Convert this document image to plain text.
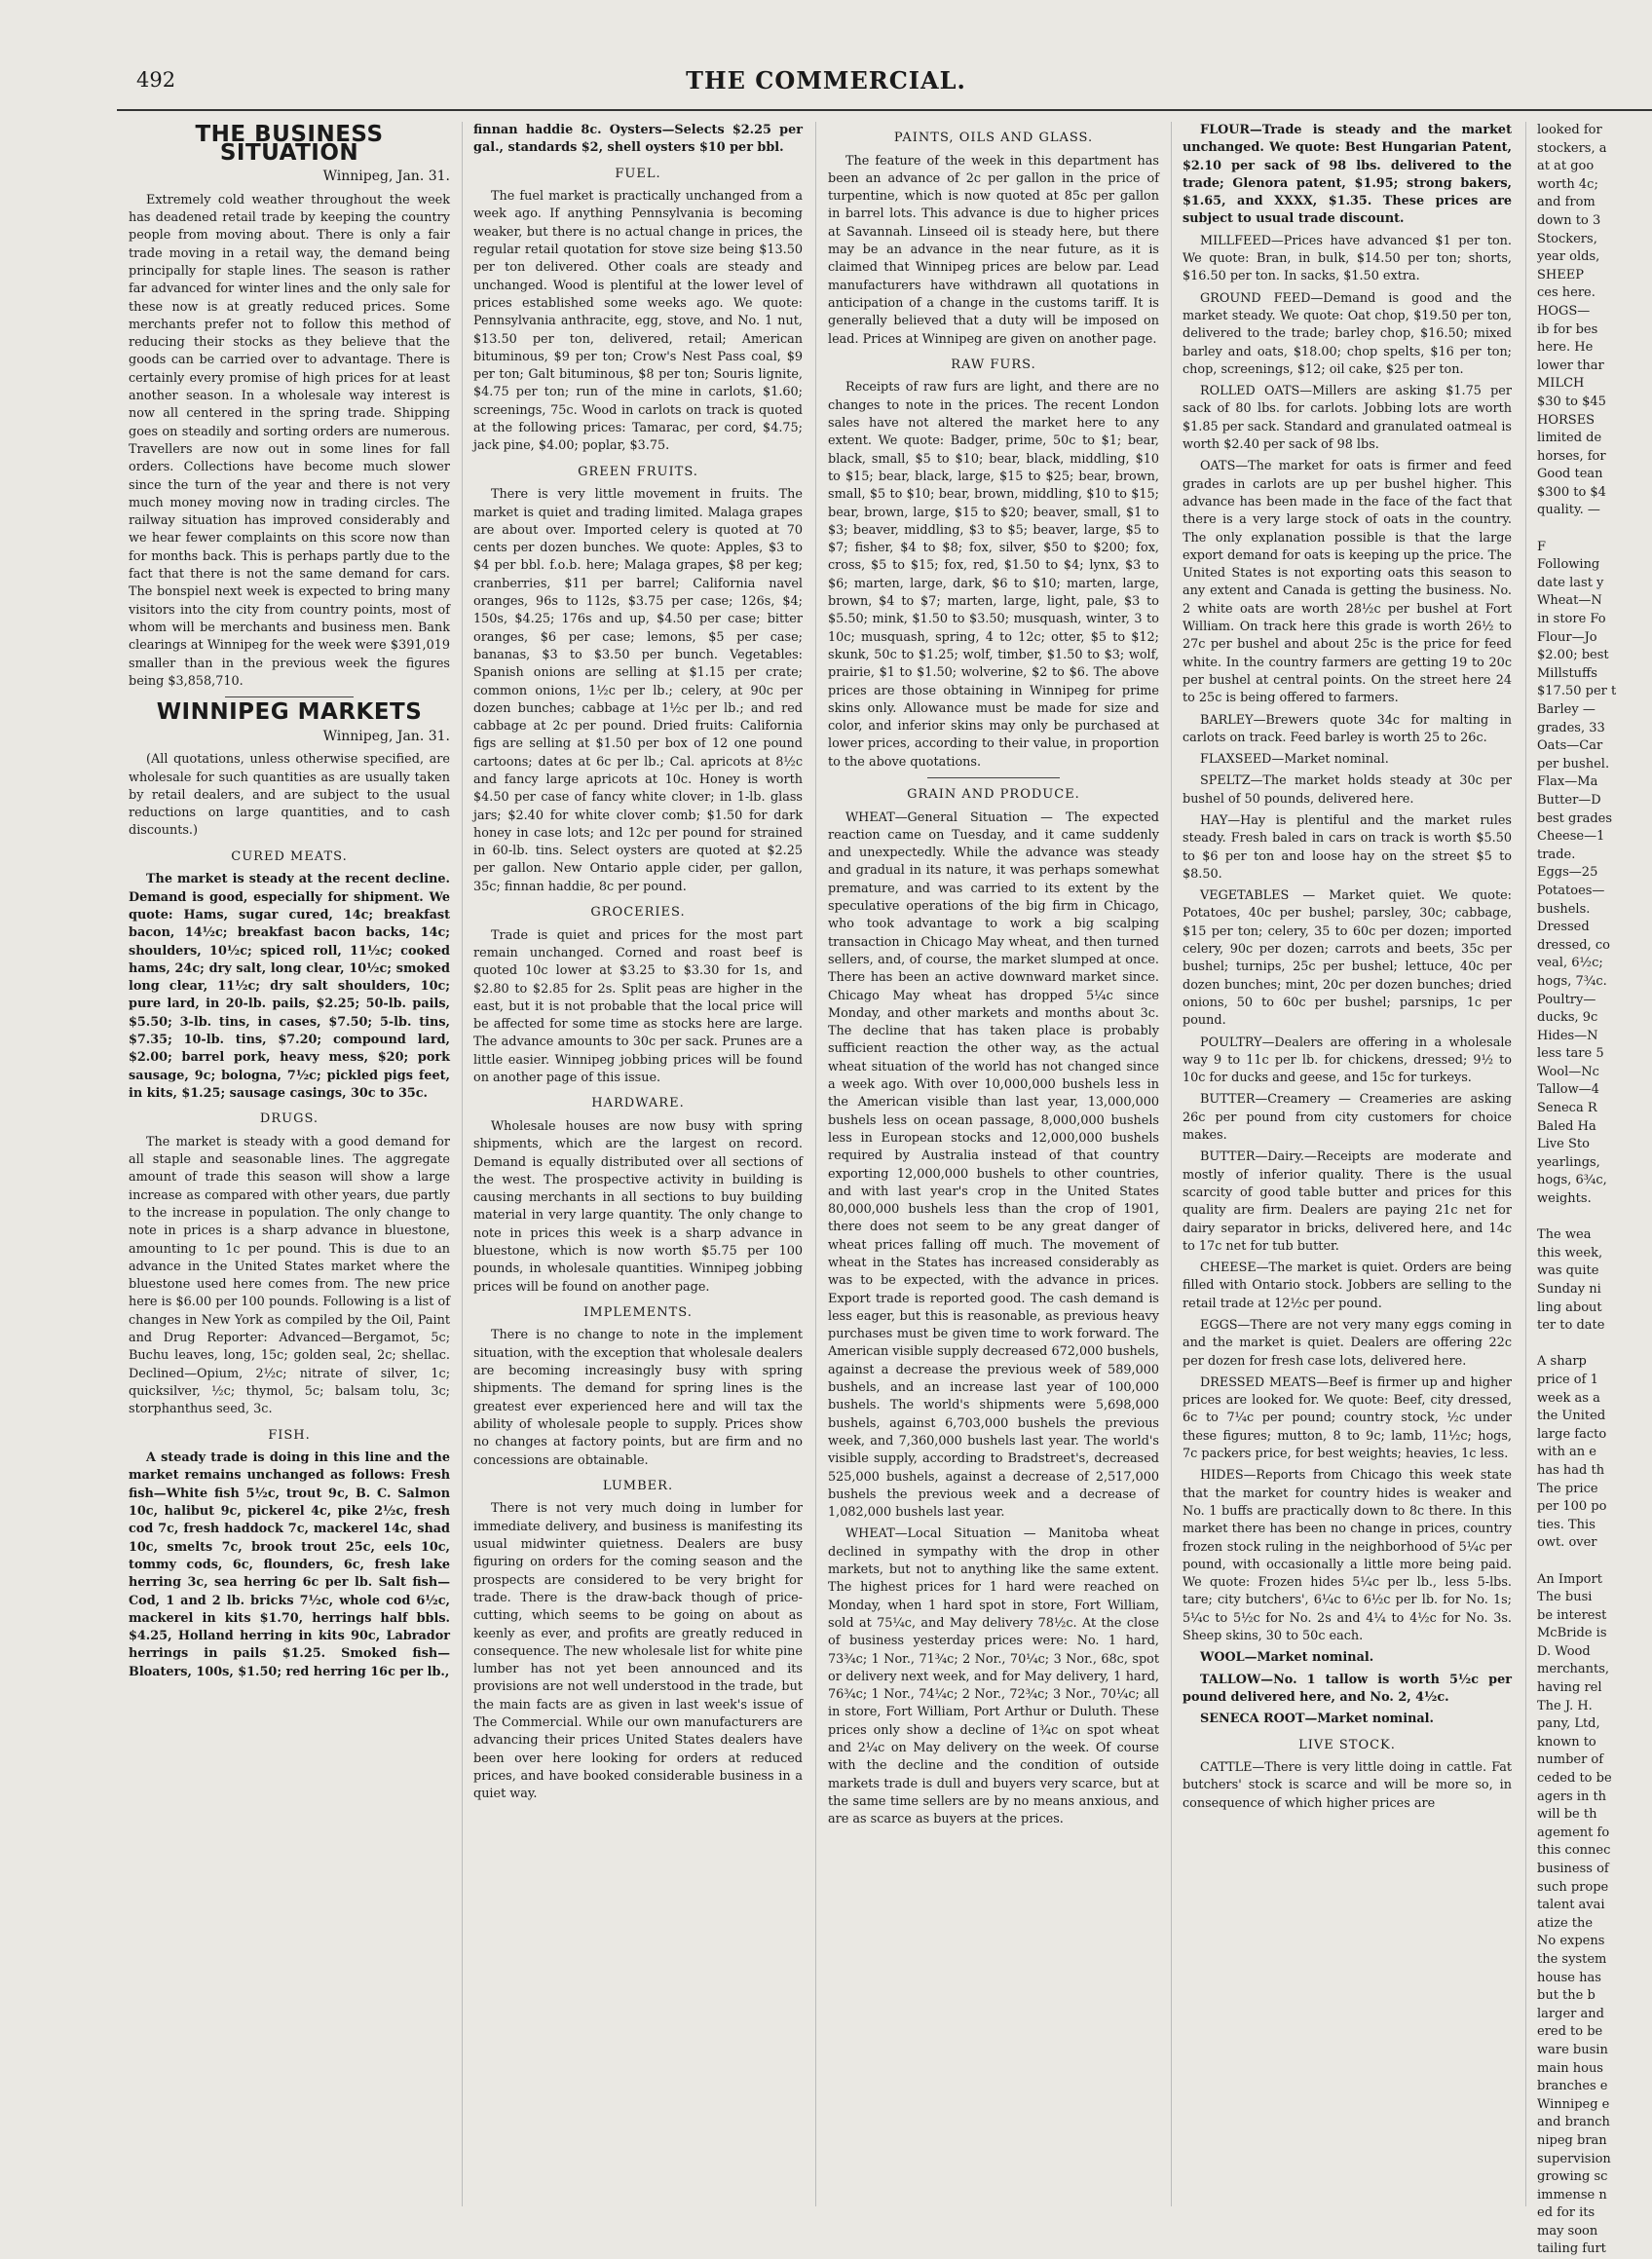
492	THE COMMERCIAL.
THE BUSINESS SITUATION
Winnipeg, Jan. 31.

Extremely cold weather throughout the week has deadened retail trade by keeping the country people from moving about. There is only a fair trade moving in a retail way, the demand being principally for staple lines. The season is rather far advanced for winter lines and the only sale for these now is at greatly reduced prices. Some merchants prefer not to follow this method of reducing their stocks as they believe that the goods can be carried over to advantage. There is certainly every promise of high prices for at least another season. In a wholesale way interest is now all centered in the spring trade. Shipping goes on steadily and sorting orders are numerous. Travellers are now out in some lines for fall orders. Collections have become much slower since the turn of the year and there is not very much money moving now in trading circles. The railway situation has improved considerably and we hear fewer complaints on this score now than for months back. This is perhaps partly due to the fact that there is not the same demand for cars. The bonspiel next week is expected to bring many visitors into the city from country points, most of whom will be merchants and business men. Bank clearings at Winnipeg for the week were $391,019 smaller than in the previous week the figures being $3,858,710.

WINNIPEG MARKETS
Winnipeg, Jan. 31.

(All quotations, unless otherwise specified, are wholesale for such quantities as are usually taken by retail dealers, and are subject to the usual reductions on large quantities, and to cash discounts.)

CURED MEATS.

The market is steady at the recent decline. Demand is good, especially for shipment. We quote: Hams, sugar cured, 14c; breakfast bacon, 14½c; breakfast bacon backs, 14c; shoulders, 10½c; spiced roll, 11½c; cooked hams, 24c; dry salt, long clear, 10½c; smoked long clear, 11½c; dry salt shoulders, 10c; pure lard, in 20-lb. pails, $2.25; 50-lb. pails, $5.50; 3-lb. tins, in cases, $7.50; 5-lb. tins, $7.35; 10-lb. tins, $7.20; compound lard, $2.00; barrel pork, heavy mess, $20; pork sausage, 9c; bologna, 7½c; pickled pigs feet, in kits, $1.25; sausage casings, 30c to 35c.

DRUGS.

The market is steady with a good demand for all staple and seasonable lines. The aggregate amount of trade this season will show a large increase as compared with other years, due partly to the increase in population. The only change to note in prices is a sharp advance in bluestone, amounting to 1c per pound. This is due to an advance in the United States market where the bluestone used here comes from. The new price here is $6.00 per 100 pounds. Following is a list of changes in New York as compiled by the Oil, Paint and Drug Reporter: Advanced—Bergamot, 5c; Buchu leaves, long, 15c; golden seal, 2c; shellac. Declined—Opium, 2½c; nitrate of silver, 1c; quicksilver, ½c; thymol, 5c; balsam tolu, 3c; storphanthus seed, 3c.

FISH.

A steady trade is doing in this line and the market remains unchanged as follows: Fresh fish—White fish 5½c, trout 9c, B. C. Salmon 10c, halibut 9c, pickerel 4c, pike 2½c, fresh cod 7c, fresh haddock 7c, mackerel 14c, shad 10c, smelts 7c, brook trout 25c, eels 10c, tommy cods, 6c, flounders, 6c, fresh lake herring 3c, sea herring 6c per lb. Salt fish—Cod, 1 and 2 lb. bricks 7½c, whole cod 6½c, mackerel in kits $1.70, herrings half bbls. $4.25, Holland herring in kits 90c, Labrador herrings in pails $1.25. Smoked fish—Bloaters, 100s, $1.50; red herring 16c per lb.,

finnan haddie 8c. Oysters—Selects $2.25 per gal., standards $2, shell oysters $10 per bbl.

FUEL.

The fuel market is practically unchanged from a week ago. If anything Pennsylvania is becoming weaker, but there is no actual change in prices, the regular retail quotation for stove size being $13.50 per ton delivered. Other coals are steady and unchanged. Wood is plentiful at the lower level of prices established some weeks ago. We quote: Pennsylvania anthracite, egg, stove, and No. 1 nut, $13.50 per ton, delivered, retail; American bituminous, $9 per ton; Crow's Nest Pass coal, $9 per ton; Galt bituminous, $8 per ton; Souris lignite, $4.75 per ton; run of the mine in carlots, $1.60; screenings, 75c. Wood in carlots on track is quoted at the following prices: Tamarac, per cord, $4.75; jack pine, $4.00; poplar, $3.75.

GREEN FRUITS.

There is very little movement in fruits. The market is quiet and trading limited. Malaga grapes are about over. Imported celery is quoted at 70 cents per dozen bunches. We quote: Apples, $3 to $4 per bbl. f.o.b. here; Malaga grapes, $8 per keg; cranberries, $11 per barrel; California navel oranges, 96s to 112s, $3.75 per case; 126s, $4; 150s, $4.25; 176s and up, $4.50 per case; bitter oranges, $6 per case; lemons, $5 per case; bananas, $3 to $3.50 per bunch. Vegetables: Spanish onions are selling at $1.15 per crate; common onions, 1½c per lb.; celery, at 90c per dozen bunches; cabbage at 1½c per lb.; and red cabbage at 2c per pound. Dried fruits: California figs are selling at $1.50 per box of 12 one pound cartoons; dates at 6c per lb.; Cal. apricots at 8½c and fancy large apricots at 10c. Honey is worth $4.50 per case of fancy white clover; in 1-lb. glass jars; $2.40 for white clover comb; $1.50 for dark honey in case lots; and 12c per pound for strained in 60-lb. tins. Select oysters are quoted at $2.25 per gallon. New Ontario apple cider, per gallon, 35c; finnan haddie, 8c per pound.

GROCERIES.

Trade is quiet and prices for the most part remain unchanged. Corned and roast beef is quoted 10c lower at $3.25 to $3.30 for 1s, and $2.80 to $2.85 for 2s. Split peas are higher in the east, but it is not probable that the local price will be affected for some time as stocks here are large. The advance amounts to 30c per sack. Prunes are a little easier. Winnipeg jobbing prices will be found on another page of this issue.

HARDWARE.

Wholesale houses are now busy with spring shipments, which are the largest on record. Demand is equally distributed over all sections of the west. The prospective activity in building is causing merchants in all sections to buy building material in very large quantity. The only change to note in prices this week is a sharp advance in bluestone, which is now worth $5.75 per 100 pounds, in wholesale quantities. Winnipeg jobbing prices will be found on another page.

IMPLEMENTS.

There is no change to note in the implement situation, with the exception that wholesale dealers are becoming increasingly busy with spring shipments. The demand for spring lines is the greatest ever experienced here and will tax the ability of wholesale people to supply. Prices show no changes at factory points, but are firm and no concessions are obtainable.

LUMBER.

There is not very much doing in lumber for immediate delivery, and business is manifesting its usual midwinter quietness. Dealers are busy figuring on orders for the coming season and the prospects are considered to be very bright for trade. There is the draw-back though of price-cutting, which seems to be going on about as keenly as ever, and profits are greatly reduced in consequence. The new wholesale list for white pine lumber has not yet been announced and its provisions are not well understood in the trade, but the main facts are as given in last week's issue of The Commercial. While our own manufacturers are advancing their prices United States dealers have been over here looking for orders at reduced prices, and have booked considerable business in a quiet way.

PAINTS, OILS AND GLASS.

The feature of the week in this department has been an advance of 2c per gallon in the price of turpentine, which is now quoted at 85c per gallon in barrel lots. This advance is due to higher prices at Savannah. Linseed oil is steady here, but there may be an advance in the near future, as it is claimed that Winnipeg prices are below par. Lead manufacturers have withdrawn all quotations in anticipation of a change in the customs tariff. It is generally believed that a duty will be imposed on lead. Prices at Winnipeg are given on another page.

RAW FURS.

Receipts of raw furs are light, and there are no changes to note in the prices. The recent London sales have not altered the market here to any extent. We quote: Badger, prime, 50c to $1; bear, black, small, $5 to $10; bear, black, middling, $10 to $15; bear, black, large, $15 to $25; bear, brown, small, $5 to $10; bear, brown, middling, $10 to $15; bear, brown, large, $15 to $20; beaver, small, $1 to $3; beaver, middling, $3 to $5; beaver, large, $5 to $7; fisher, $4 to $8; fox, silver, $50 to $200; fox, cross, $5 to $15; fox, red, $1.50 to $4; lynx, $3 to $6; marten, large, dark, $6 to $10; marten, large, brown, $4 to $7; marten, large, light, pale, $3 to $5.50; mink, $1.50 to $3.50; musquash, winter, 3 to 10c; musquash, spring, 4 to 12c; otter, $5 to $12; skunk, 50c to $1.25; wolf, timber, $1.50 to $3; wolf, prairie, $1 to $1.50; wolverine, $2 to $6. The above prices are those obtaining in Winnipeg for prime skins only. Allowance must be made for size and color, and inferior skins may only be purchased at lower prices, according to their value, in proportion to the above quotations.

GRAIN AND PRODUCE.

WHEAT—General Situation — The expected reaction came on Tuesday, and it came suddenly and unexpectedly. While the advance was steady and gradual in its nature, it was perhaps somewhat premature, and was carried to its extent by the speculative operations of the big firm in Chicago, who took advantage to work a big scalping transaction in Chicago May wheat, and then turned sellers, and, of course, the market slumped at once. There has been an active downward market since. Chicago May wheat has dropped 5¼c since Monday, and other markets and months about 3c. The decline that has taken place is probably sufficient reaction the other way, as the actual wheat situation of the world has not changed since a week ago. With over 10,000,000 bushels less in the American visible than last year, 13,000,000 bushels less on ocean passage, 8,000,000 bushels less in European stocks and 12,000,000 bushels required by Australia instead of that country exporting 12,000,000 bushels to other countries, and with last year's crop in the United States 80,000,000 bushels less than the crop of 1901, there does not seem to be any great danger of wheat prices falling off much. The movement of wheat in the States has increased considerably as was to be expected, with the advance in prices. Export trade is reported good. The cash demand is less eager, but this is reasonable, as previous heavy purchases must be given time to work forward. The American visible supply decreased 672,000 bushels, against a decrease the previous week of 589,000 bushels, and an increase last year of 100,000 bushels. The world's shipments were 5,698,000 bushels, against 6,703,000 bushels the previous week, and 7,360,000 bushels last year. The world's visible supply, according to Bradstreet's, decreased 525,000 bushels, against a decrease of 2,517,000 bushels the previous week and a decrease of 1,082,000 bushels last year.

WHEAT—Local Situation — Manitoba wheat declined in sympathy with the drop in other markets, but not to anything like the same extent. The highest prices for 1 hard were reached on Monday, when 1 hard spot in store, Fort William, sold at 75¼c, and May delivery 78½c. At the close of business yesterday prices were: No. 1 hard, 73¾c; 1 Nor., 71¾c; 2 Nor., 70¼c; 3 Nor., 68c, spot or delivery next week, and for May delivery, 1 hard, 76¾c; 1 Nor., 74¼c; 2 Nor., 72¾c; 3 Nor., 70¼c; all in store, Fort William, Port Arthur or Duluth. These prices only show a decline of 1¾c on spot wheat and 2¼c on May delivery on the week. Of course with the decline and the condition of outside markets trade is dull and buyers very scarce, but at the same time sellers are by no means anxious, and are as scarce as buyers at the prices.

FLOUR—Trade is steady and the market unchanged. We quote: Best Hungarian Patent, $2.10 per sack of 98 lbs. delivered to the trade; Glenora patent, $1.95; strong bakers, $1.65, and XXXX, $1.35. These prices are subject to usual trade discount.

MILLFEED—Prices have advanced $1 per ton. We quote: Bran, in bulk, $14.50 per ton; shorts, $16.50 per ton. In sacks, $1.50 extra.

GROUND FEED—Demand is good and the market steady. We quote: Oat chop, $19.50 per ton, delivered to the trade; barley chop, $16.50; mixed barley and oats, $18.00; chop spelts, $16 per ton; chop, screenings, $12; oil cake, $25 per ton.

ROLLED OATS—Millers are asking $1.75 per sack of 80 lbs. for carlots. Jobbing lots are worth $1.85 per sack. Standard and granulated oatmeal is worth $2.40 per sack of 98 lbs.

OATS—The market for oats is firmer and feed grades in carlots are up per bushel higher. This advance has been made in the face of the fact that there is a very large stock of oats in the country. The only explanation possible is that the large export demand for oats is keeping up the price. The United States is not exporting oats this season to any extent and Canada is getting the business. No. 2 white oats are worth 28½c per bushel at Fort William. On track here this grade is worth 26½ to 27c per bushel and about 25c is the price for feed white. In the country farmers are getting 19 to 20c per bushel at central points. On the street here 24 to 25c is being offered to farmers.

BARLEY—Brewers quote 34c for malting in carlots on track. Feed barley is worth 25 to 26c.

FLAXSEED—Market nominal.

SPELTZ—The market holds steady at 30c per bushel of 50 pounds, delivered here.

HAY—Hay is plentiful and the market rules steady. Fresh baled in cars on track is worth $5.50 to $6 per ton and loose hay on the street $5 to $8.50.

VEGETABLES — Market quiet. We quote: Potatoes, 40c per bushel; parsley, 30c; cabbage, $15 per ton; celery, 35 to 60c per dozen; imported celery, 90c per dozen; carrots and beets, 35c per bushel; turnips, 25c per bushel; lettuce, 40c per dozen bunches; mint, 20c per dozen bunches; dried onions, 50 to 60c per bushel; parsnips, 1c per pound.

POULTRY—Dealers are offering in a wholesale way 9 to 11c per lb. for chickens, dressed; 9½ to 10c for ducks and geese, and 15c for turkeys.

BUTTER—Creamery — Creameries are asking 26c per pound from city customers for choice makes.

BUTTER—Dairy.—Receipts are moderate and mostly of inferior quality. There is the usual scarcity of good table butter and prices for this quality are firm. Dealers are paying 21c net for dairy separator in bricks, delivered here, and 14c to 17c net for tub butter.

CHEESE—The market is quiet. Orders are being filled with Ontario stock. Jobbers are selling to the retail trade at 12½c per pound.

EGGS—There are not very many eggs coming in and the market is quiet. Dealers are offering 22c per dozen for fresh case lots, delivered here.

DRESSED MEATS—Beef is firmer up and higher prices are looked for. We quote: Beef, city dressed, 6c to 7¼c per pound; country stock, ½c under these figures; mutton, 8 to 9c; lamb, 11½c; hogs, 7c packers price, for best weights; heavies, 1c less.

HIDES—Reports from Chicago this week state that the market for country hides is weaker and No. 1 buffs are practically down to 8c there. In this market there has been no change in prices, country frozen stock ruling in the neighborhood of 5¼c per pound, with occasionally a little more being paid. We quote: Frozen hides 5¼c per lb., less 5-lbs. tare; city butchers', 6¼c to 6½c per lb. for No. 1s; 5¼c to 5½c for No. 2s and 4¼ to 4½c for No. 3s. Sheep skins, 30 to 50c each.

WOOL—Market nominal.

TALLOW—No. 1 tallow is worth 5½c per pound delivered here, and No. 2, 4½c.

SENECA ROOT—Market nominal.

LIVE STOCK.

CATTLE—There is very little doing in cattle. Fat butchers' stock is scarce and will be more so, in consequence of which higher prices are

looked for

stockers, a

at at goo

worth 4c;

and from

down to 3

Stockers,

year olds,

SHEEP

ces here.

HOGS—

ib for bes

here. He

lower thar

MILCH

$30 to $45

HORSES

limited de

horses, for

Good tean

$300 to $4

quality. —

F

Following

date last y

Wheat—N

in store Fo

Flour—Jo

$2.00; best

Millstuffs

$17.50 per t

Barley —

grades, 33

Oats—Car

per bushel.

Flax—Ma

Butter—D

best grades

Cheese—1

trade.

Eggs—25

Potatoes—

bushels.

Dressed

dressed, co

veal, 6½c;

hogs, 7¾c.

Poultry—

ducks, 9c

Hides—N

less tare 5

Wool—Nc

Tallow—4

Seneca R

Baled Ha

Live Sto

yearlings,

hogs, 6¾c,

weights.

The wea

this week,

was quite

Sunday ni

ling about

ter to date

A sharp

price of 1

week as a

the United

large facto

with an e

has had th

The price

per 100 po

ties. This

owt. over

An Import

The busi

be interest

McBride is

D. Wood

merchants,

having rel

The J. H.

pany, Ltd,

known to

number of

ceded to be

agers in th

will be th

agement fo

this connec

business of

such prope

talent avai

atize the

No expens

the system

house has

but the b

larger and

ered to be

ware busin

main hous

branches e

Winnipeg e

and branch

nipeg bran

supervision

growing sc

immense n

ed for its

may soon

tailing furt
